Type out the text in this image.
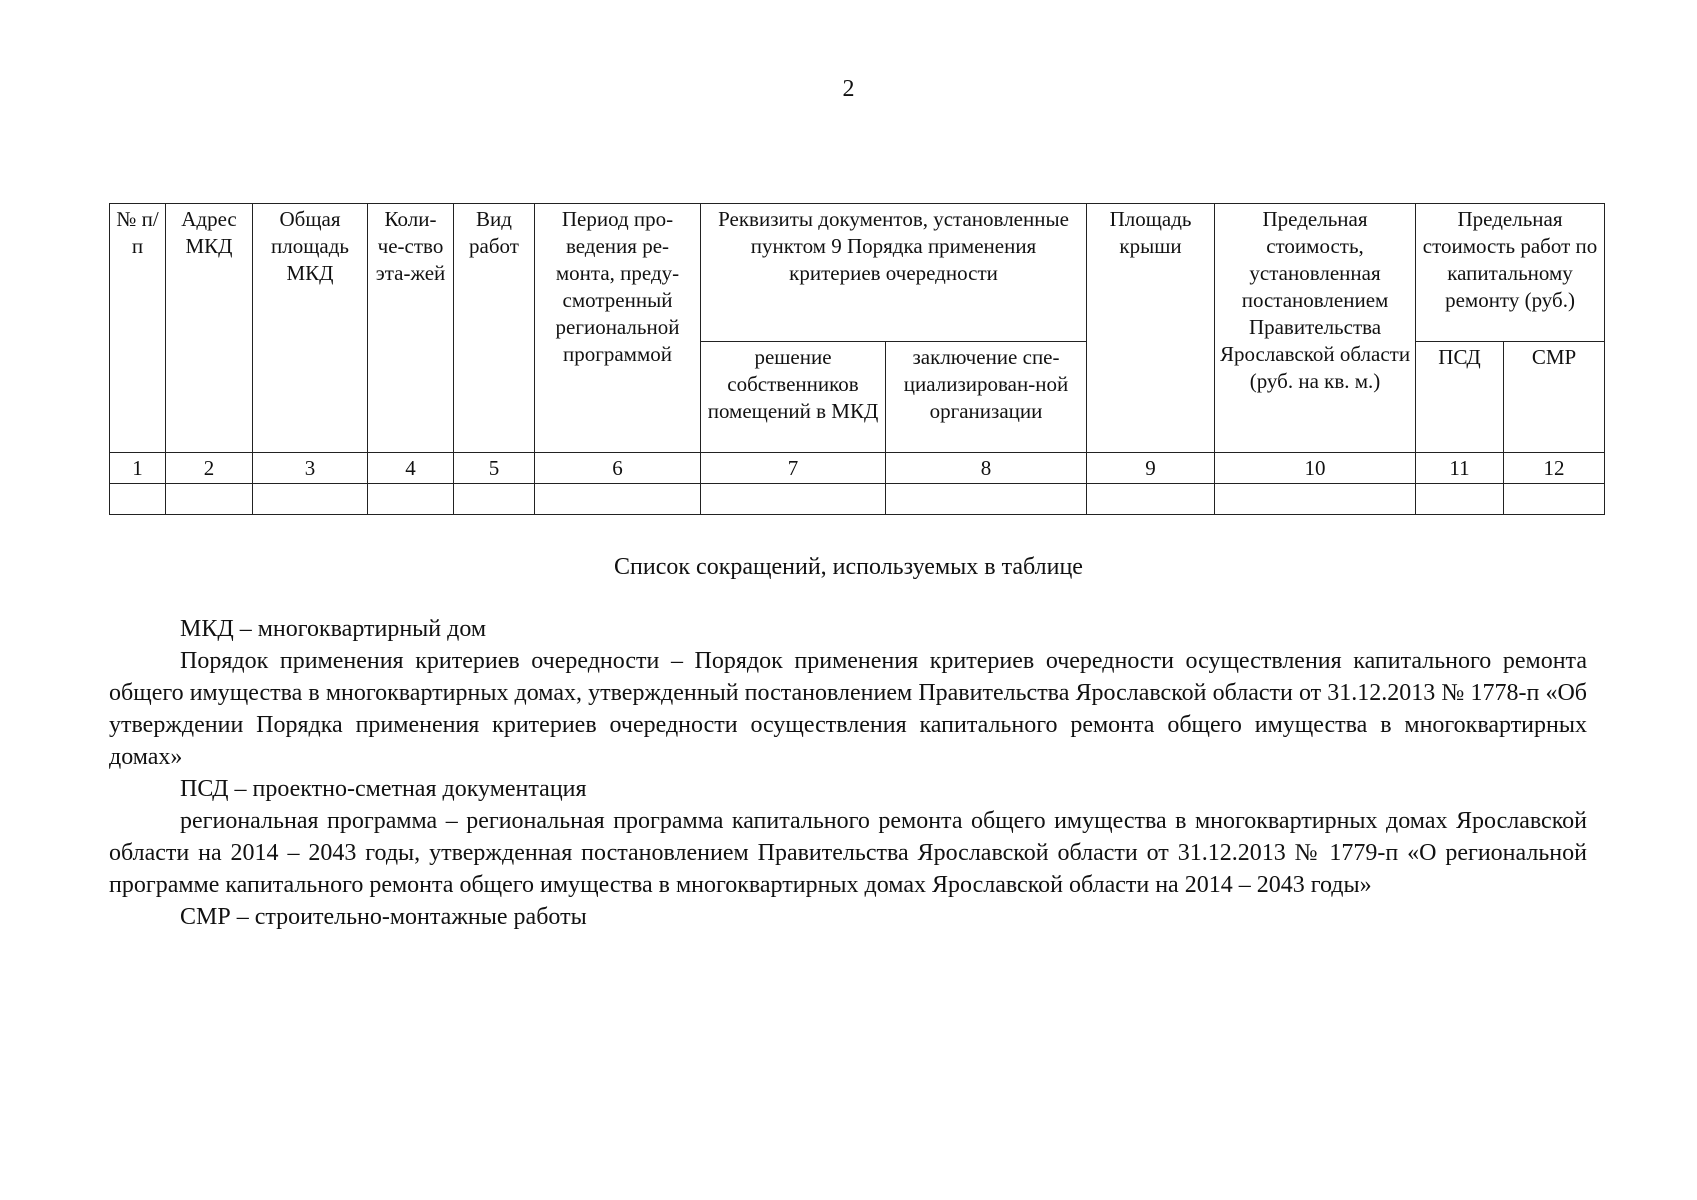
2
№ п/п	Адрес МКД	Общая площадь МКД	Коли-че-ство эта-жей	Вид работ	Период про-ведения ре-монта, преду-смотренный региональной программой	Реквизиты документов, установленные пунктом 9 Порядка применения критериев очередности		Площадь крыши	Предельная стоимость, установленная постановлением Правительства Ярославской области (руб. на кв. м.)	Предельная стоимость работ по капитальному ремонту (руб.)	
						решение собственников помещений в МКД	заключение спе-циализирован-ной организации			ПСД	СМР
1	2	3	4	5	6	7	8	9	10	11	12

Список сокращений, используемых в таблице

МКД – многоквартирный дом

Порядок применения критериев очередности – Порядок применения критериев очередности осуществления капитального ремонта общего имущества в многоквартирных домах, утвержденный постановлением Правительства Ярославской области от 31.12.2013 № 1778-п «Об утверждении Порядка применения критериев очередности осуществления капитального ремонта общего имущества в многоквартирных домах»

ПСД – проектно-сметная документация

региональная программа – региональная программа капитального ремонта общего имущества в многоквартирных домах Ярославской области на 2014 – 2043 годы, утвержденная постановлением Правительства Ярославской области от 31.12.2013 № 1779-п «О региональной программе капитального ремонта общего имущества в многоквартирных домах Ярославской области на 2014 – 2043 годы»

СМР – строительно-монтажные работы
